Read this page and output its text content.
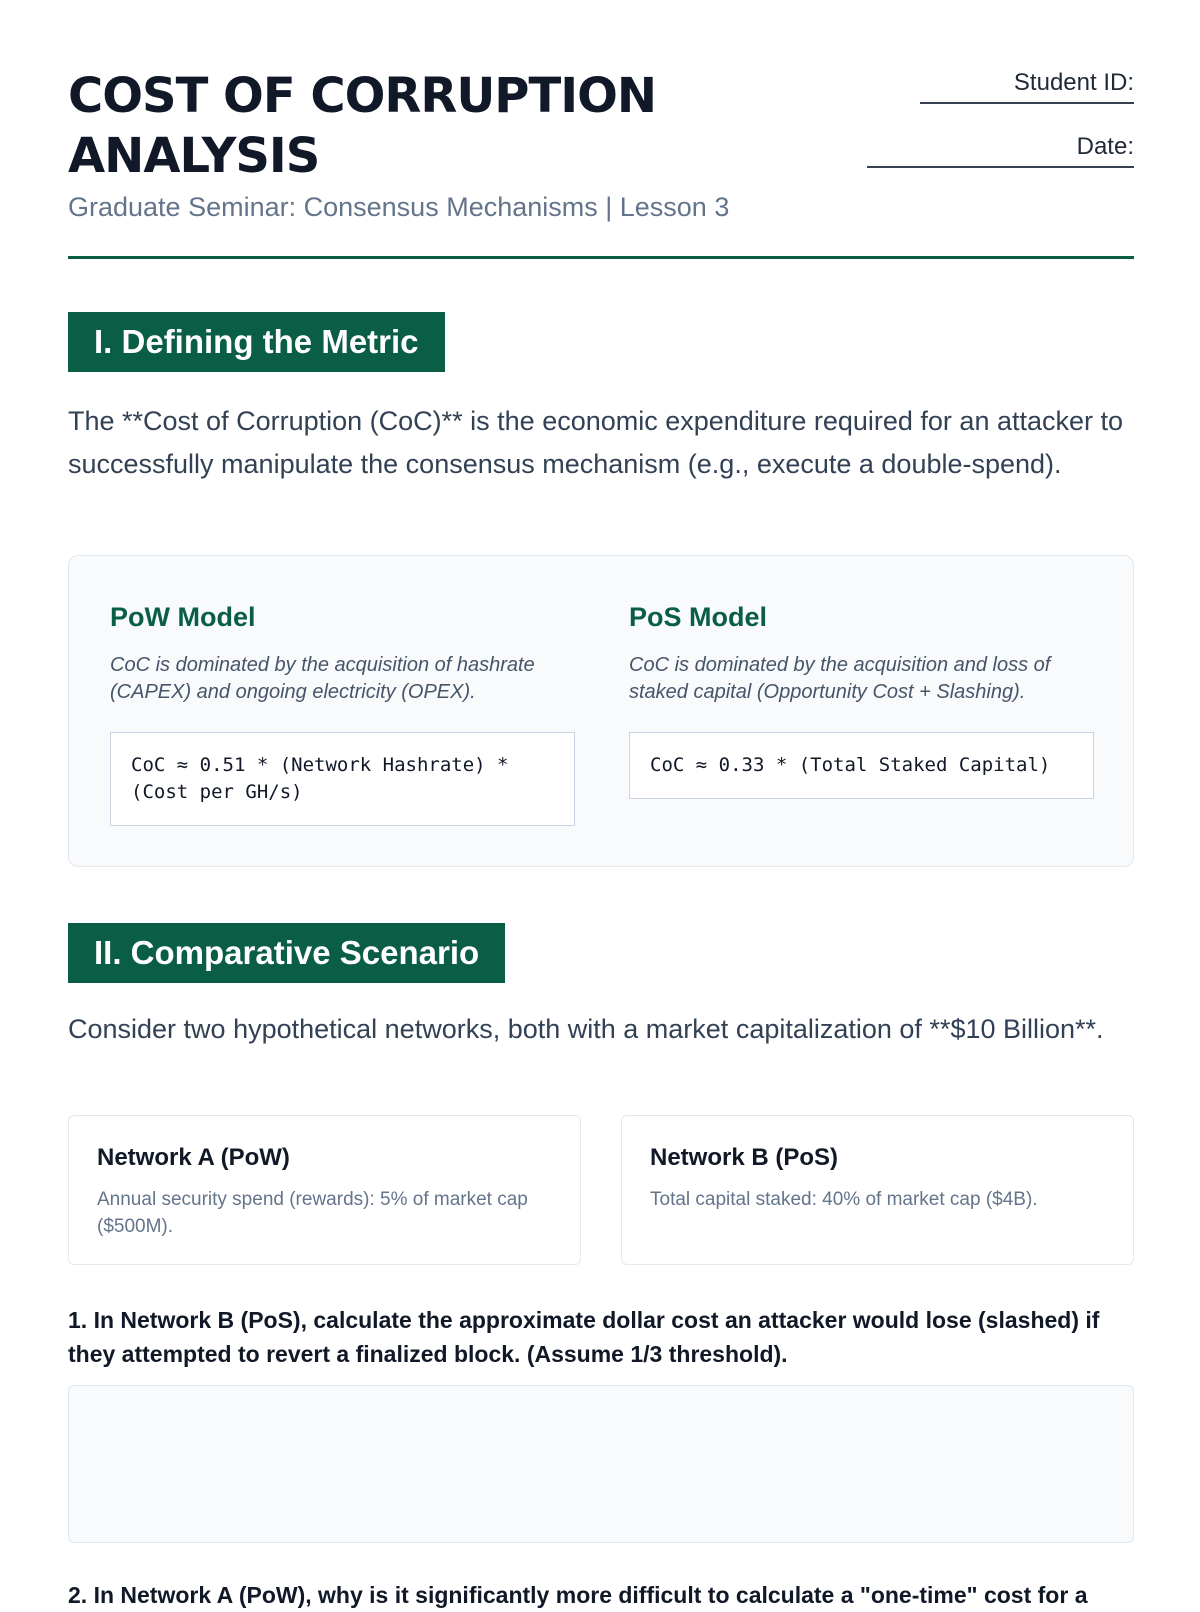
COST OF CORRUPTION ANALYSIS
Graduate Seminar: Consensus Mechanisms | Lesson 3
Student ID:
Date:
I. Defining the Metric

The **Cost of Corruption (CoC)** is the economic expenditure required for an attacker to successfully manipulate the consensus mechanism (e.g., execute a double-spend).

PoW Model
CoC is dominated by the acquisition of hashrate (CAPEX) and ongoing electricity (OPEX).
CoC ≈ 0.51 * (Network Hashrate) * (Cost per GH/s)
PoS Model
CoC is dominated by the acquisition and loss of staked capital (Opportunity Cost + Slashing).
CoC ≈ 0.33 * (Total Staked Capital)
II. Comparative Scenario

Consider two hypothetical networks, both with a market capitalization of **$10 Billion**.

Network A (PoW)
Annual security spend (rewards): 5% of market cap ($500M).
Network B (PoS)
Total capital staked: 40% of market cap ($4B).

1. In Network B (PoS), calculate the approximate dollar cost an attacker would lose (slashed) if they attempted to revert a finalized block. (Assume 1/3 threshold).

2. In Network A (PoW), why is it significantly more difficult to calculate a "one-time" cost for a
